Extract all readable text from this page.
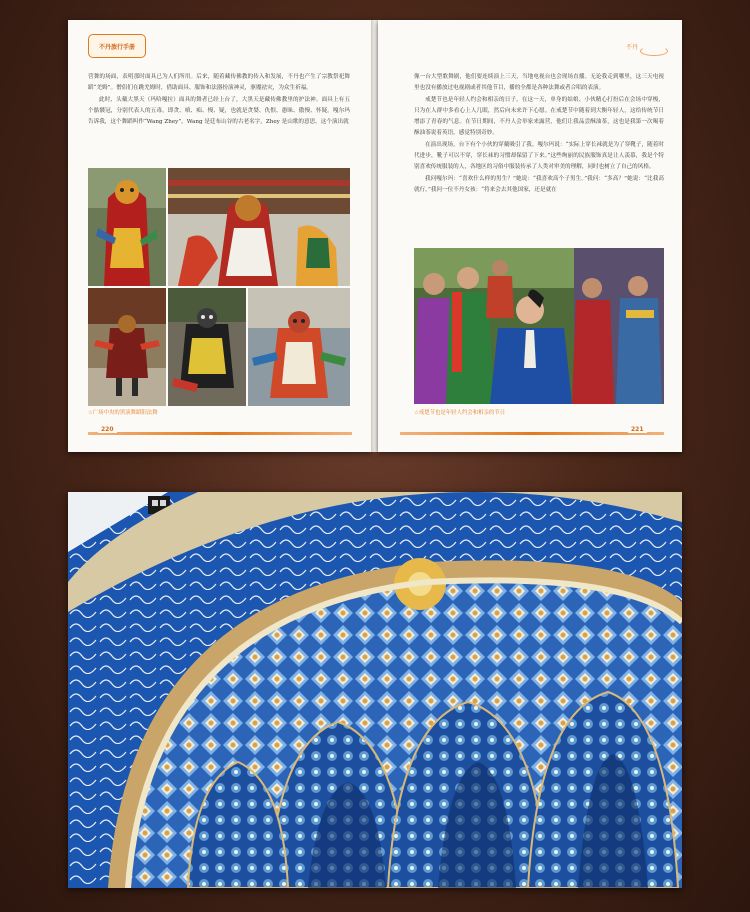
不丹旅行手册

营舞的场面，表明那时面具已为人们所用。后来，随着藏传佛教的传入和发展，不丹也产生了宗教祭祀舞蹈“羌姆”。僧侣们在跳羌姆时，借助面具、服饰和法器扮演神灵，驱魔祛灾，为众生祈福。

此时，头戴大黑天（玛哈嘎拉）面具的舞者已经上台了，大黑天是藏传佛教里的护法神。面具上有五个骷髅冠，分别代表人的五毒，即贪、嗔、痴、慢、疑，也就是贪婪、仇恨、愚昧、傲慢、怀疑。嘎尔玛告诉我，这个舞蹈叫作“Wang Zhey”，Wang 是廷布山谷的古老名字，Zhey 是山歌的意思。这个演出就

☆广场中央的黑演舞蹈阳法舞
220
不丹

像一台大型歌舞剧，他们要连续演上三天，当地电视台也会现场直播。无论我走到哪里，这三天电视里也没有播放过电视剧或者其他节目，播的全都是各种法舞或者合唱的表演。

戒楚节也是年轻人约会和相亲的日子。在这一天，单身的姑娘、小伙精心打扮后在会场中穿梭，只为在人群中多看心上人几眼，然后向未来许下心愿。在戒楚节中随着到大衡年轻人，这给传统节日增添了青春的气息。在节日期间，不丹人会举家来露营，他们让我品尝酥油茶，这也是我第一次喝着酥油茶说着英语，感觉特别奇妙。

在演出现场，台下有个小伙的穿戴吸引了我。嘎尔玛说：“实际上穿长袜就是为了穿靴子，随着时代进步，靴子可以不穿，穿长袜的习惯却保留了下来。”这些绚丽的民族服饰真是让人羡慕，我是个特别喜欢传统服装的人，各地区的习俗中服装传承了人类对审美的理解，同时也树立了自己的风格。

我问嘎尔玛：“喜欢什么样的男生？”她说：“我喜欢高个子男生。”我问：“多高？”她说：“比我高就行。”我问一位不丹女孩：“将来会去其他国家，还是就在

☆戒楚节也是年轻人约会和相亲的节日
221
